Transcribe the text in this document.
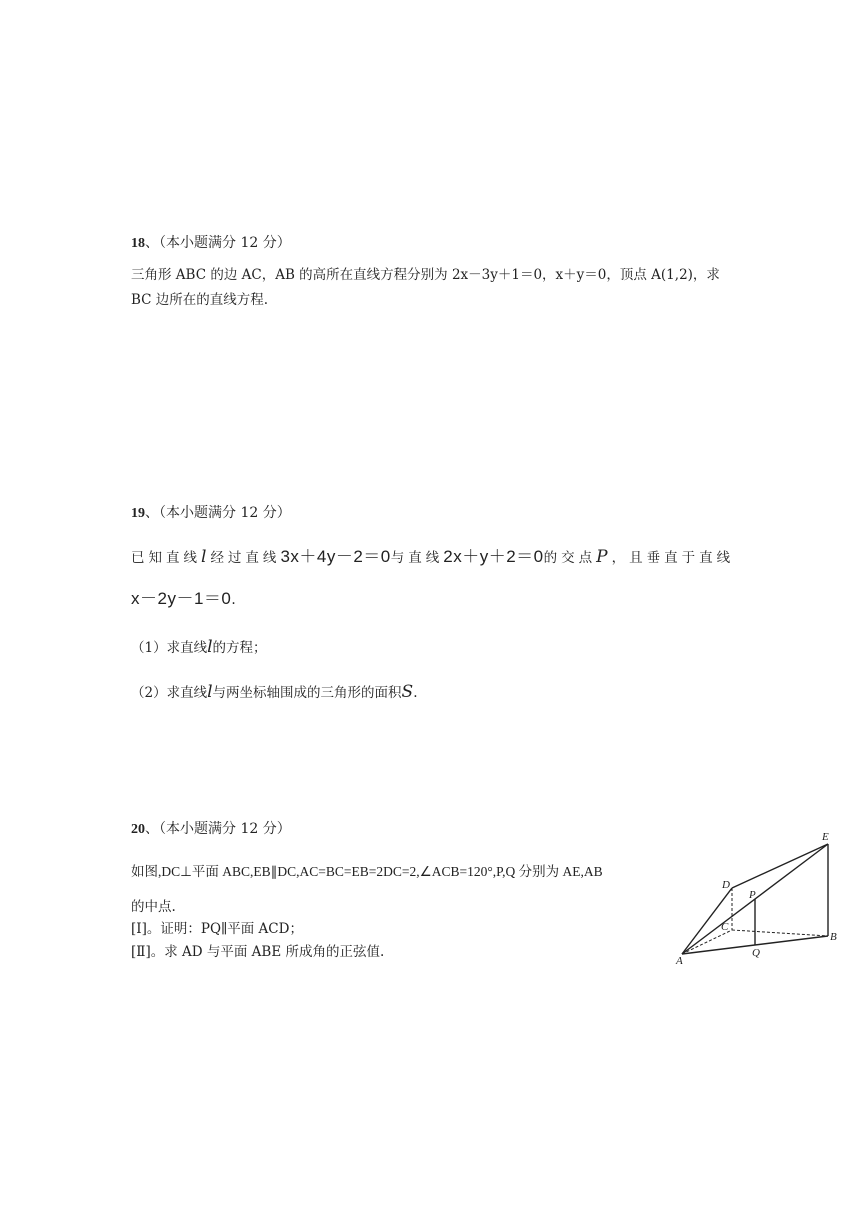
18、（本小题满分 12 分）
三角形 ABC 的边 AC，AB 的高所在直线方程分别为 2x－3y＋1＝0，x＋y＝0，顶点 A(1,2)，求
BC 边所在的直线方程.
19、（本小题满分 12 分）
已知直线l经过直线3x＋4y－2＝0与直线2x＋y＋2＝0的交点P，且垂直于直线
x－2y－1＝0.
（1）求直线l的方程；
（2）求直线l与两坐标轴围成的三角形的面积S.
20、（本小题满分 12 分）
如图,DC⊥平面 ABC,EB∥DC,AC=BC=EB=2DC=2,∠ACB=120°,P,Q 分别为 AE,AB
的中点.
[Ⅰ]。证明：PQ∥平面 ACD；
[Ⅱ]。求 AD 与平面 ABE 所成角的正弦值.
E
D
P
C
B
Q
A
